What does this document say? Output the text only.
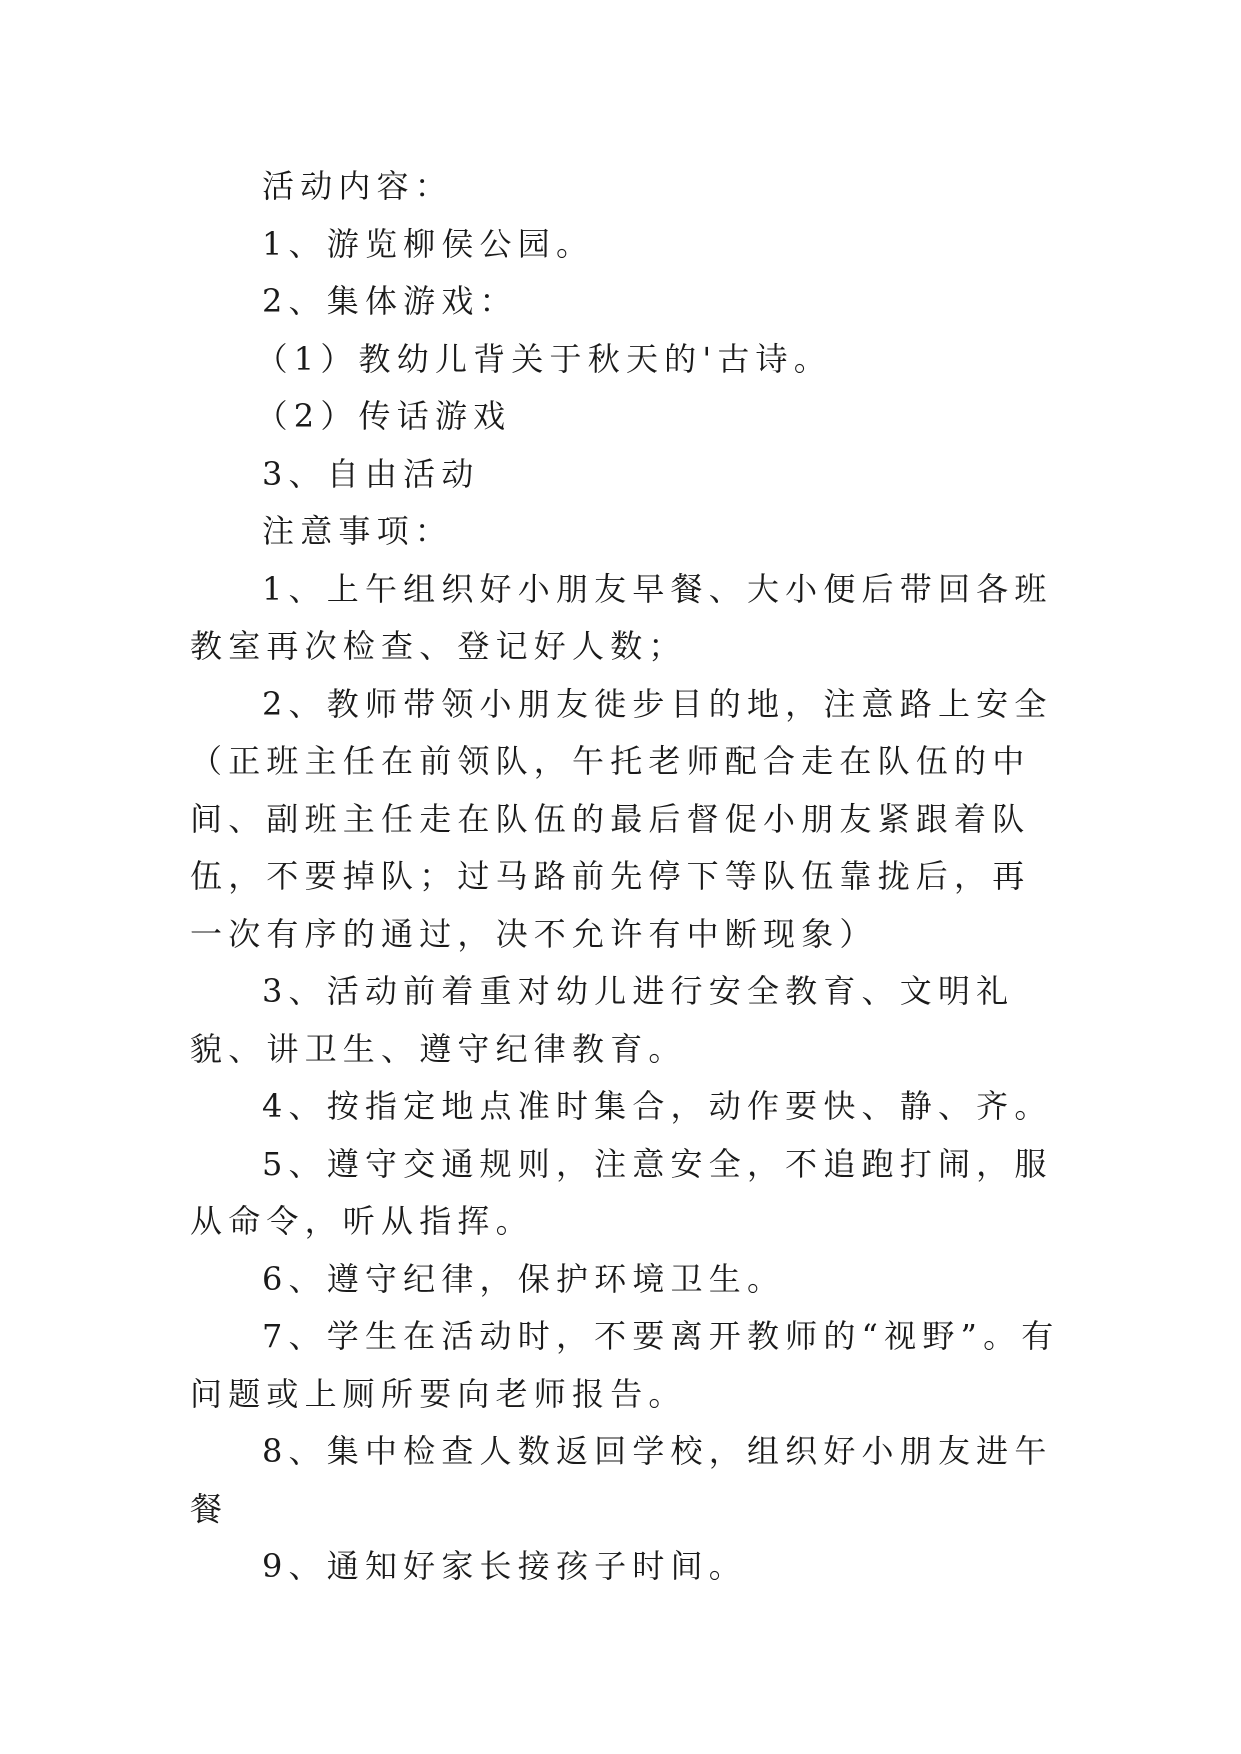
活动内容：

1、游览柳侯公园。

2、集体游戏：

（1）教幼儿背关于秋天的'古诗。

（2）传话游戏

3、自由活动

注意事项：

1、上午组织好小朋友早餐、大小便后带回各班教室再次检查、登记好人数；

2、教师带领小朋友徙步目的地，注意路上安全（正班主任在前领队，午托老师配合走在队伍的中间、副班主任走在队伍的最后督促小朋友紧跟着队伍，不要掉队；过马路前先停下等队伍靠拢后，再一次有序的通过，决不允许有中断现象）

3、活动前着重对幼儿进行安全教育、文明礼貌、讲卫生、遵守纪律教育。

4、按指定地点准时集合，动作要快、静、齐。

5、遵守交通规则，注意安全，不追跑打闹，服从命令，听从指挥。

6、遵守纪律，保护环境卫生。

7、学生在活动时，不要离开教师的“视野”。有问题或上厕所要向老师报告。

8、集中检查人数返回学校，组织好小朋友进午餐

9、通知好家长接孩子时间。
